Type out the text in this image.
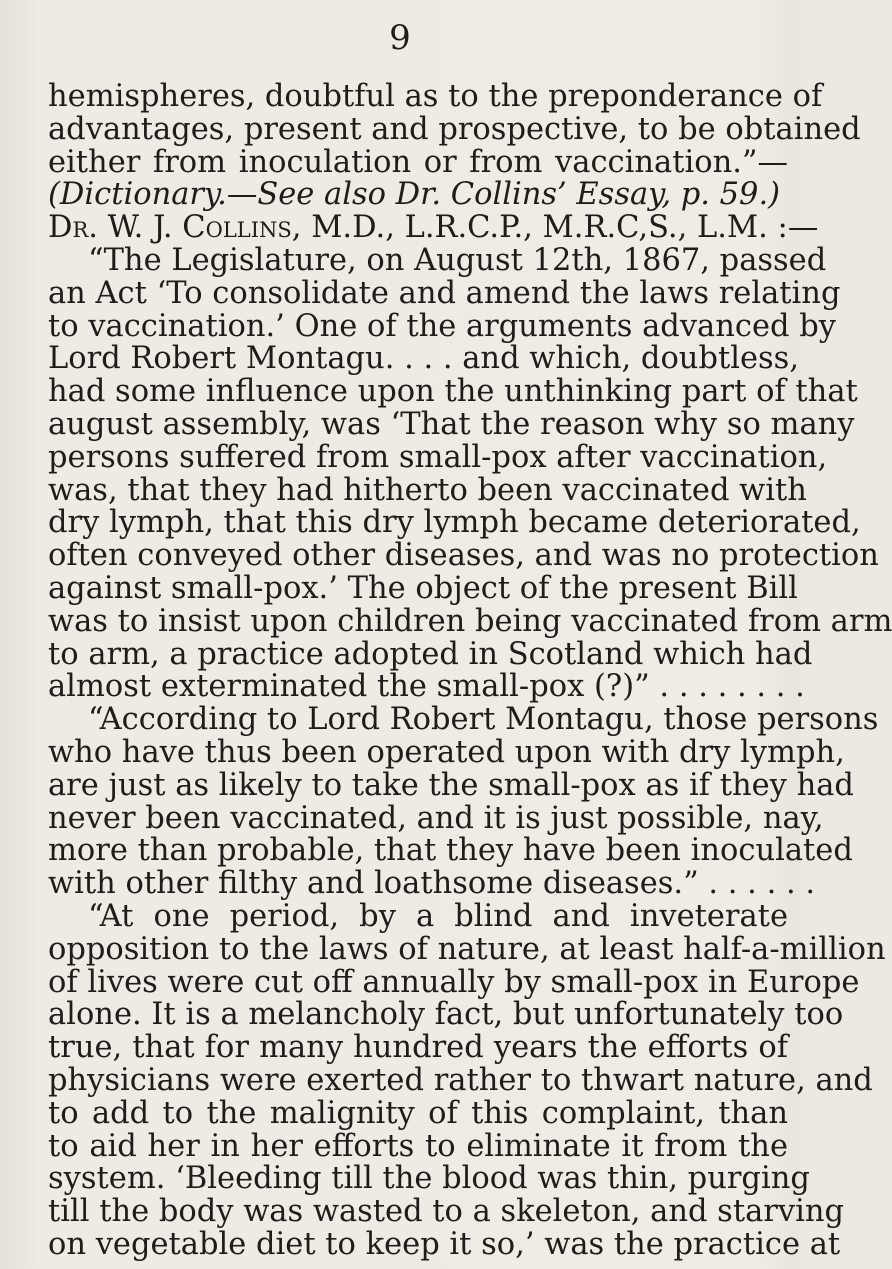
9
hemispheres, doubtful as to the preponderance of
advantages, present and prospective, to be obtained
either from inoculation or from vaccination.”—
(Dictionary.—See also Dr. Collins’ Essay, p. 59.)
Dr. W. J. Collins, M.D., L.R.C.P., M.R.C,S., L.M. :—
“The Legislature, on August 12th, 1867, passed
an Act ‘To consolidate and amend the laws relating
to vaccination.’ One of the arguments advanced by
Lord Robert Montagu. . . . and which, doubtless,
had some influence upon the unthinking part of that
august assembly, was ‘That the reason why so many
persons suffered from small-pox after vaccination,
was, that they had hitherto been vaccinated with
dry lymph, that this dry lymph became deteriorated,
often conveyed other diseases, and was no protection
against small-pox.’ The object of the present Bill
was to insist upon children being vaccinated from arm
to arm, a practice adopted in Scotland which had
almost exterminated the small-pox (?)” . . . . . . . .
“According to Lord Robert Montagu, those persons
who have thus been operated upon with dry lymph,
are just as likely to take the small-pox as if they had
never been vaccinated, and it is just possible, nay,
more than probable, that they have been inoculated
with other filthy and loathsome diseases.” . . . . . .
“At one period, by a blind and inveterate
opposition to the laws of nature, at least half-a-million
of lives were cut off annually by small-pox in Europe
alone. It is a melancholy fact, but unfortunately too
true, that for many hundred years the efforts of
physicians were exerted rather to thwart nature, and
to add to the malignity of this complaint, than
to aid her in her efforts to eliminate it from the
system. ‘Bleeding till the blood was thin, purging
till the body was wasted to a skeleton, and starving
on vegetable diet to keep it so,’ was the practice at
